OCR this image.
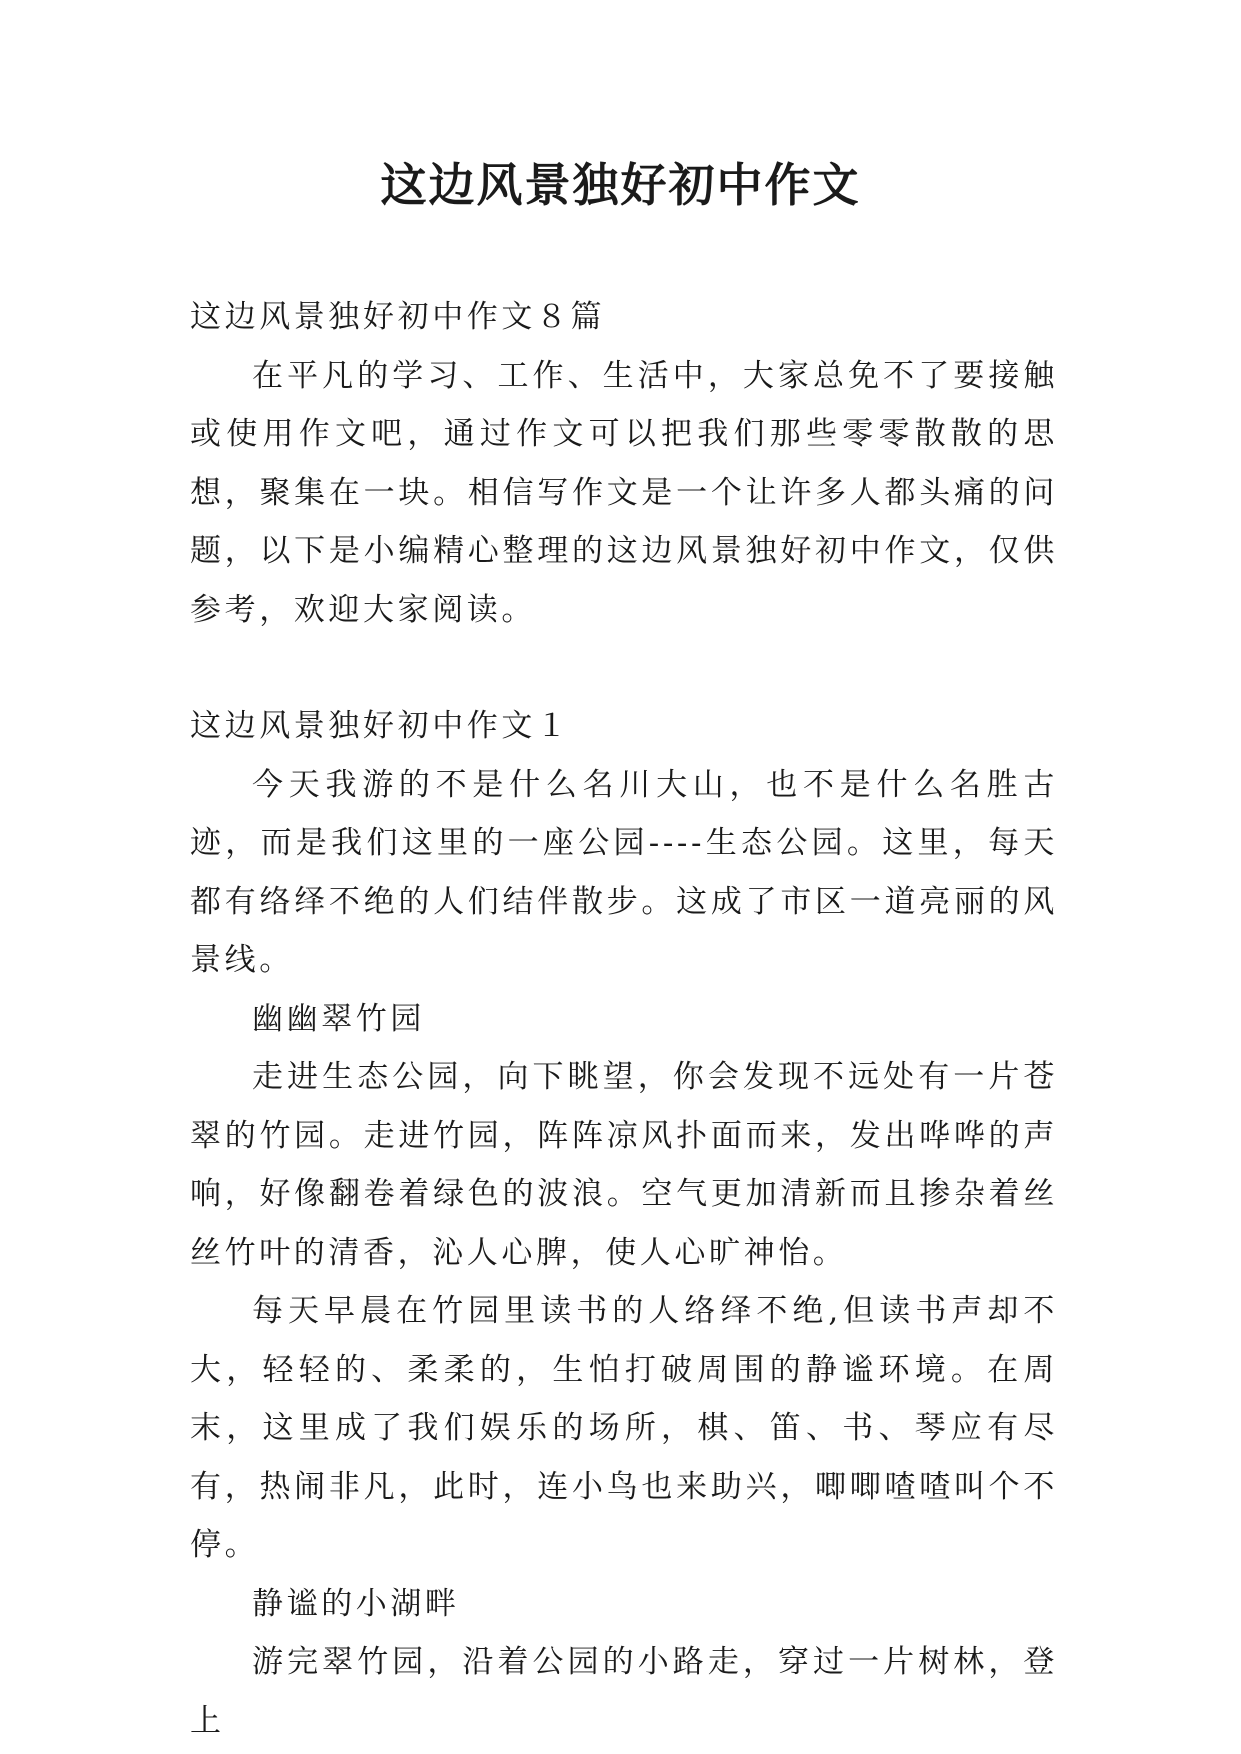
这边风景独好初中作文

这边风景独好初中作文８篇

在平凡的学习、工作、生活中，大家总免不了要接触或使用作文吧，通过作文可以把我们那些零零散散的思想，聚集在一块。相信写作文是一个让许多人都头痛的问题，以下是小编精心整理的这边风景独好初中作文，仅供参考，欢迎大家阅读。

这边风景独好初中作文１

今天我游的不是什么名川大山，也不是什么名胜古迹，而是我们这里的一座公园----生态公园。这里，每天都有络绎不绝的人们结伴散步。这成了市区一道亮丽的风景线。

幽幽翠竹园

走进生态公园，向下眺望，你会发现不远处有一片苍翠的竹园。走进竹园，阵阵凉风扑面而来，发出哗哗的声响，好像翻卷着绿色的波浪。空气更加清新而且掺杂着丝丝竹叶的清香，沁人心脾，使人心旷神怡。

每天早晨在竹园里读书的人络绎不绝,但读书声却不大，轻轻的、柔柔的，生怕打破周围的静谧环境。在周末，这里成了我们娱乐的场所，棋、笛、书、琴应有尽有，热闹非凡，此时，连小鸟也来助兴，唧唧喳喳叫个不停。

静谧的小湖畔

游完翠竹园，沿着公园的小路走，穿过一片树林，登上
